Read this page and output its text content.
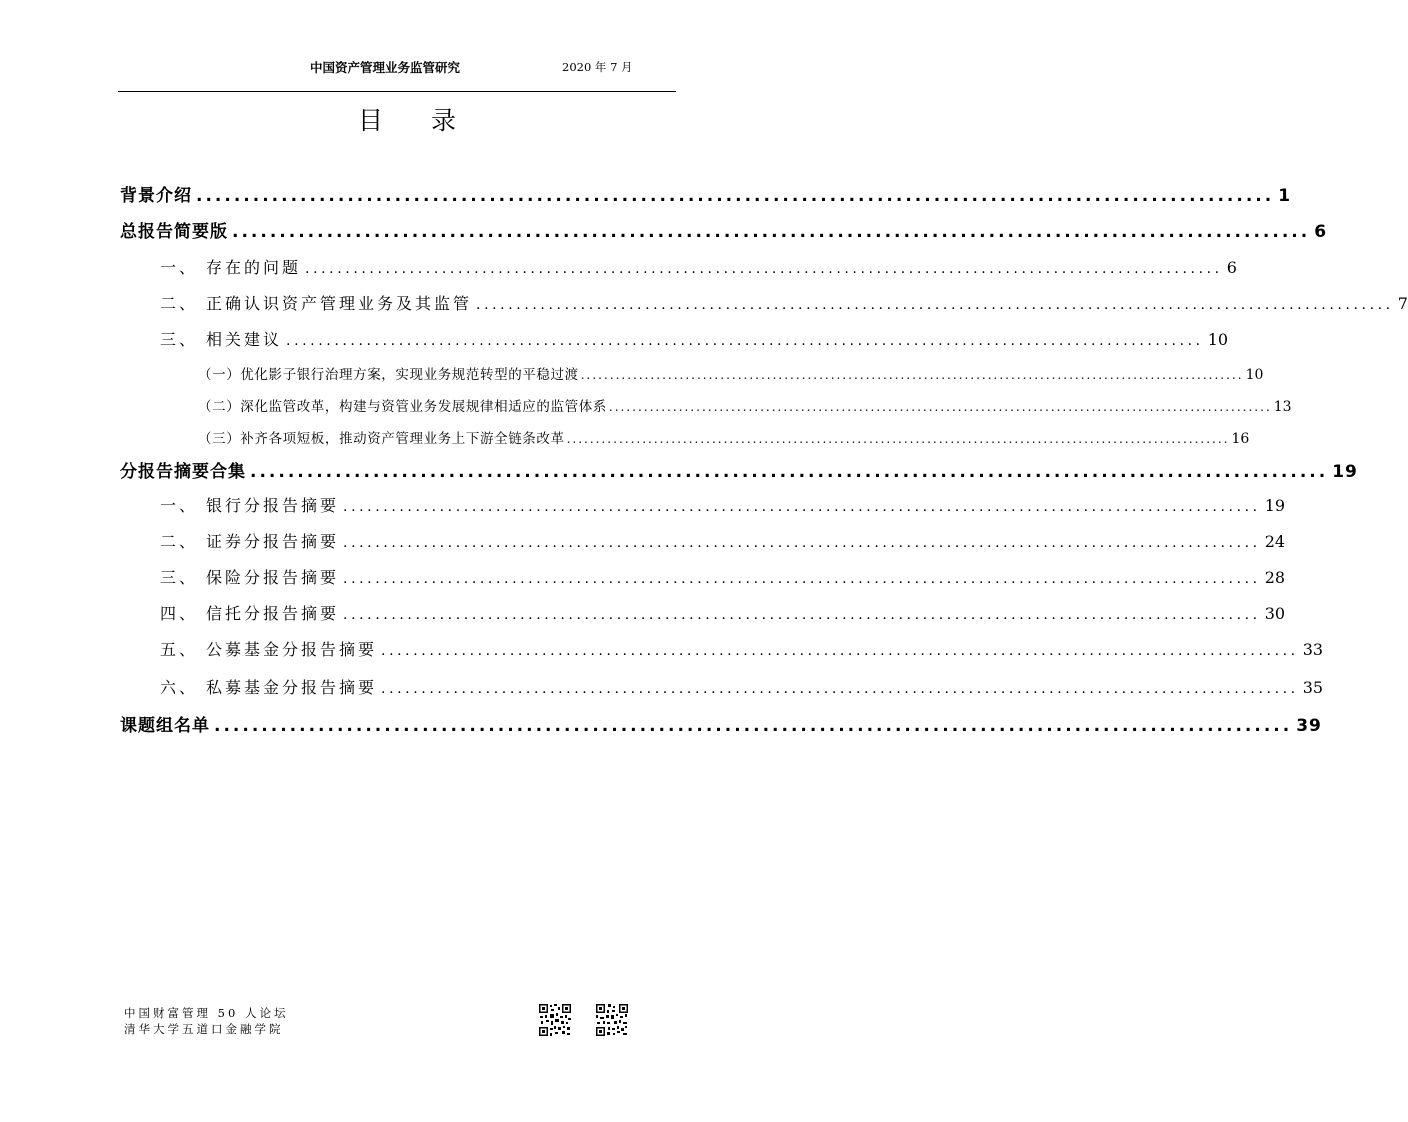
中国资产管理业务监管研究	2020 年 7 月
目 录
背景介绍 .................................................................................................................. 1
总报告简要版 .................................................................................................................. 6
一、 存在的问题 .................................................................................................................. 6
二、 正确认识资产管理业务及其监管 .................................................................................................................. 7
三、 相关建议 .................................................................................................................. 10
（一）优化影子银行治理方案，实现业务规范转型的平稳过渡 .................................................................................................................. 10
（二）深化监管改革，构建与资管业务发展规律相适应的监管体系 .................................................................................................................. 13
（三）补齐各项短板，推动资产管理业务上下游全链条改革 .................................................................................................................. 16
分报告摘要合集 .................................................................................................................. 19
一、 银行分报告摘要 .................................................................................................................. 19
二、 证券分报告摘要 .................................................................................................................. 24
三、 保险分报告摘要 .................................................................................................................. 28
四、 信托分报告摘要 .................................................................................................................. 30
五、 公募基金分报告摘要 .................................................................................................................. 33
六、 私募基金分报告摘要 .................................................................................................................. 35
课题组名单 .................................................................................................................. 39
中国财富管理 50 人论坛
清华大学五道口金融学院
